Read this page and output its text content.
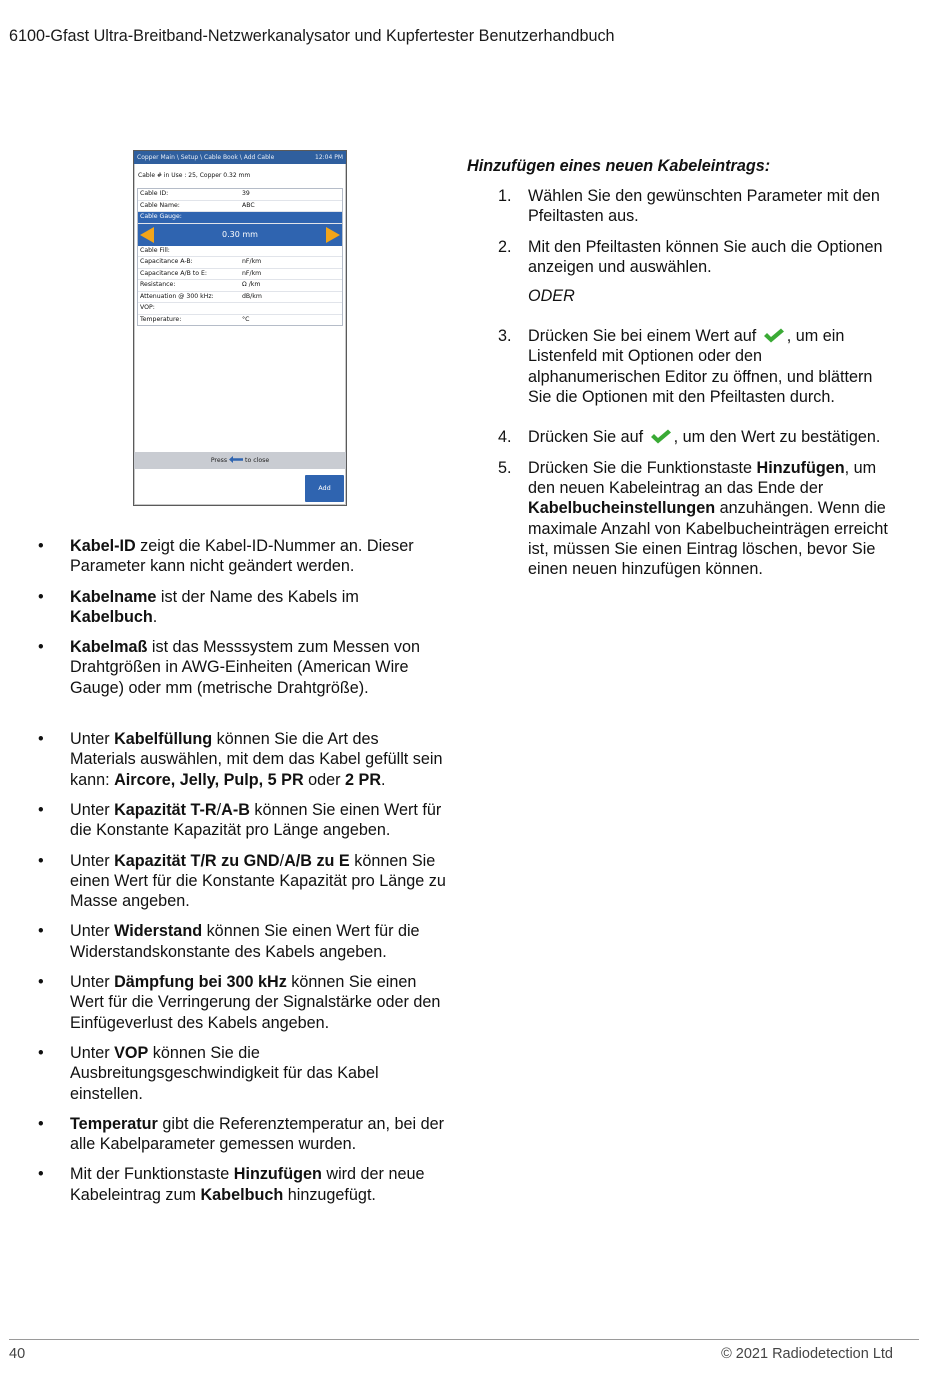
6100-Gfast Ultra-Breitband-Netzwerkanalysator und Kupfertester Benutzerhandbuch
Copper Main \ Setup \ Cable Book \ Add Cable	12:04 PM
Cable # in Use : 25, Copper 0.32 mm
Cable ID:	39
Cable Name:	ABC
Cable Gauge:
0.30 mm
Cable Fill:
Capacitance A-B:	nF/km
Capacitance A/B to E:	nF/km
Resistance:	Ω /km
Attenuation @ 300 kHz:	dB/km
VOP:
Temperature:	°C
Press	to close
Add
• Kabel-ID zeigt die Kabel-ID-Nummer an. Dieser Parameter kann nicht geändert werden.
• Kabelname ist der Name des Kabels im Kabelbuch.
• Kabelmaß ist das Messsystem zum Messen von Drahtgrößen in AWG-Einheiten (American Wire Gauge) oder mm (metrische Drahtgröße).
• Unter Kabelfüllung können Sie die Art des Materials auswählen, mit dem das Kabel gefüllt sein kann: Aircore, Jelly, Pulp, 5 PR oder 2 PR.
• Unter Kapazität T-R/A-B können Sie einen Wert für die Konstante Kapazität pro Länge angeben.
• Unter Kapazität T/R zu GND/A/B zu E können Sie einen Wert für die Konstante Kapazität pro Länge zu Masse angeben.
• Unter Widerstand können Sie einen Wert für die Widerstandskonstante des Kabels angeben.
• Unter Dämpfung bei 300 kHz können Sie einen Wert für die Verringerung der Signalstärke oder den Einfügeverlust des Kabels angeben.
• Unter VOP können Sie die Ausbreitungsgeschwindigkeit für das Kabel einstellen.
• Temperatur gibt die Referenztemperatur an, bei der alle Kabelparameter gemessen wurden.
• Mit der Funktionstaste Hinzufügen wird der neue Kabeleintrag zum Kabelbuch hinzugefügt.
Hinzufügen eines neuen Kabeleintrags:
1. Wählen Sie den gewünschten Parameter mit den Pfeiltasten aus.
2. Mit den Pfeiltasten können Sie auch die Optionen anzeigen und auswählen.
ODER
3. Drücken Sie bei einem Wert auf , um ein Listenfeld mit Optionen oder den alphanumerischen Editor zu öffnen, und blättern Sie die Optionen mit den Pfeiltasten durch.
4. Drücken Sie auf , um den Wert zu bestätigen.
5. Drücken Sie die Funktionstaste Hinzufügen, um den neuen Kabeleintrag an das Ende der Kabelbucheinstellungen anzuhängen. Wenn die maximale Anzahl von Kabelbucheinträgen erreicht ist, müssen Sie einen Eintrag löschen, bevor Sie einen neuen hinzufügen können.
40	© 2021 Radiodetection Ltd
